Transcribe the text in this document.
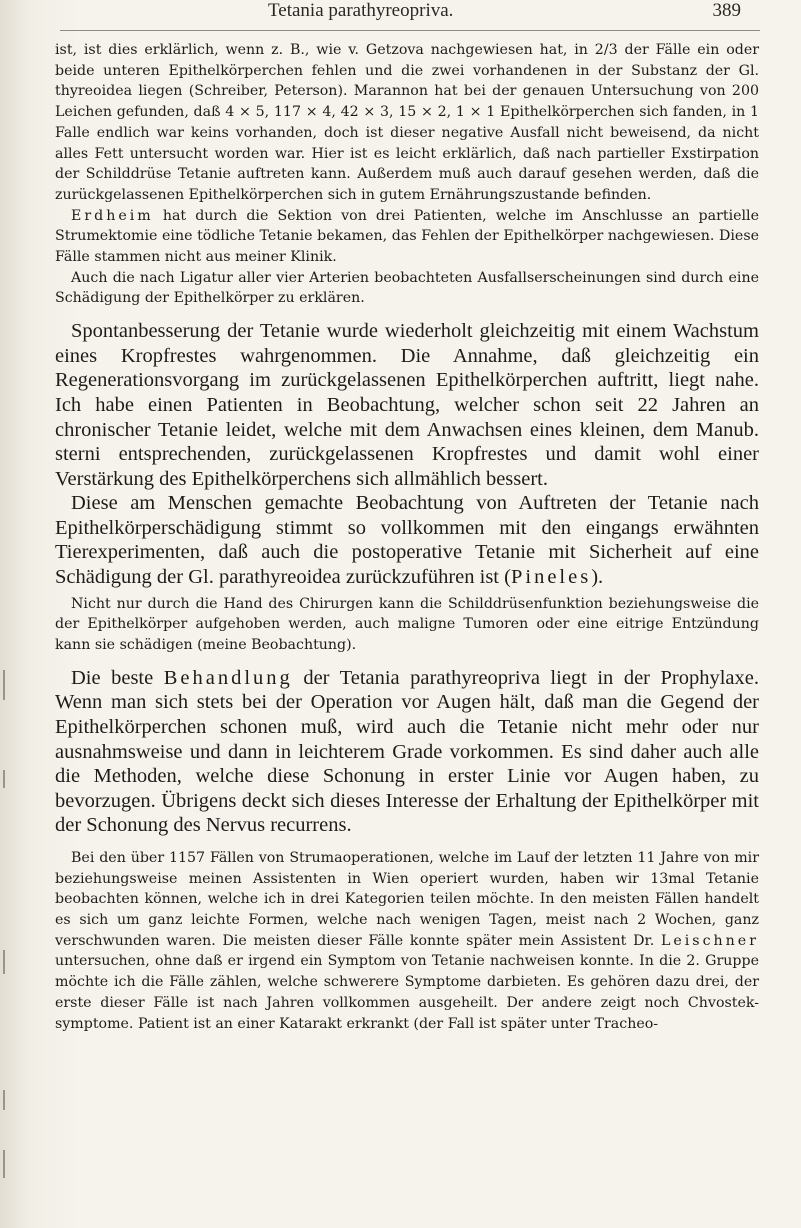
Tetania parathyreopriva.	389

ist, ist dies erklärlich, wenn z. B., wie v. Getzova nachgewiesen hat, in 2/3 der Fälle ein oder beide unteren Epithelkörperchen fehlen und die zwei vorhandenen in der Substanz der Gl. thyreoidea liegen (Schreiber, Peterson). Marannon hat bei der genauen Untersuchung von 200 Leichen gefunden, daß 4 × 5, 117 × 4, 42 × 3, 15 × 2, 1 × 1 Epithelkörperchen sich fanden, in 1 Falle endlich war keins vorhanden, doch ist dieser negative Ausfall nicht beweisend, da nicht alles Fett untersucht worden war. Hier ist es leicht erklärlich, daß nach partieller Exstirpation der Schilddrüse Tetanie auftreten kann. Außerdem muß auch darauf gesehen werden, daß die zurückgelassenen Epithelkörperchen sich in gutem Ernährungszustande befinden.

Erdheim hat durch die Sektion von drei Patienten, welche im Anschlusse an partielle Strumektomie eine tödliche Tetanie bekamen, das Fehlen der Epithelkörper nachgewiesen. Diese Fälle stammen nicht aus meiner Klinik.

Auch die nach Ligatur aller vier Arterien beobachteten Ausfallserscheinungen sind durch eine Schädigung der Epithelkörper zu erklären.

Spontanbesserung der Tetanie wurde wiederholt gleichzeitig mit einem Wachstum eines Kropfrestes wahrgenommen. Die Annahme, daß gleichzeitig ein Regenerationsvorgang im zurückgelassenen Epithelkörperchen auftritt, liegt nahe. Ich habe einen Patienten in Beobachtung, welcher schon seit 22 Jahren an chronischer Tetanie leidet, welche mit dem Anwachsen eines kleinen, dem Manub. sterni entsprechenden, zurückgelassenen Kropfrestes und damit wohl einer Verstärkung des Epithelkörperchens sich allmählich bessert.

Diese am Menschen gemachte Beobachtung von Auftreten der Tetanie nach Epithelkörperschädigung stimmt so vollkommen mit den eingangs erwähnten Tierexperimenten, daß auch die postoperative Tetanie mit Sicherheit auf eine Schädigung der Gl. parathyreoidea zurückzuführen ist (Pineles).

Nicht nur durch die Hand des Chirurgen kann die Schilddrüsenfunktion beziehungsweise die der Epithelkörper aufgehoben werden, auch maligne Tumoren oder eine eitrige Entzündung kann sie schädigen (meine Beobachtung).

Die beste Behandlung der Tetania parathyreopriva liegt in der Prophylaxe. Wenn man sich stets bei der Operation vor Augen hält, daß man die Gegend der Epithelkörperchen schonen muß, wird auch die Tetanie nicht mehr oder nur ausnahmsweise und dann in leichterem Grade vorkommen. Es sind daher auch alle die Methoden, welche diese Schonung in erster Linie vor Augen haben, zu bevorzugen. Übrigens deckt sich dieses Interesse der Erhaltung der Epithelkörper mit der Schonung des Nervus recurrens.

Bei den über 1157 Fällen von Strumaoperationen, welche im Lauf der letzten 11 Jahre von mir beziehungsweise meinen Assistenten in Wien operiert wurden, haben wir 13mal Tetanie beobachten können, welche ich in drei Kategorien teilen möchte. In den meisten Fällen handelt es sich um ganz leichte Formen, welche nach wenigen Tagen, meist nach 2 Wochen, ganz verschwunden waren. Die meisten dieser Fälle konnte später mein Assistent Dr. Leischner untersuchen, ohne daß er irgend ein Symptom von Tetanie nachweisen konnte. In die 2. Gruppe möchte ich die Fälle zählen, welche schwerere Symptome darbieten. Es gehören dazu drei, der erste dieser Fälle ist nach Jahren vollkommen ausgeheilt. Der andere zeigt noch Chvostek-symptome. Patient ist an einer Katarakt erkrankt (der Fall ist später unter Tracheo-
